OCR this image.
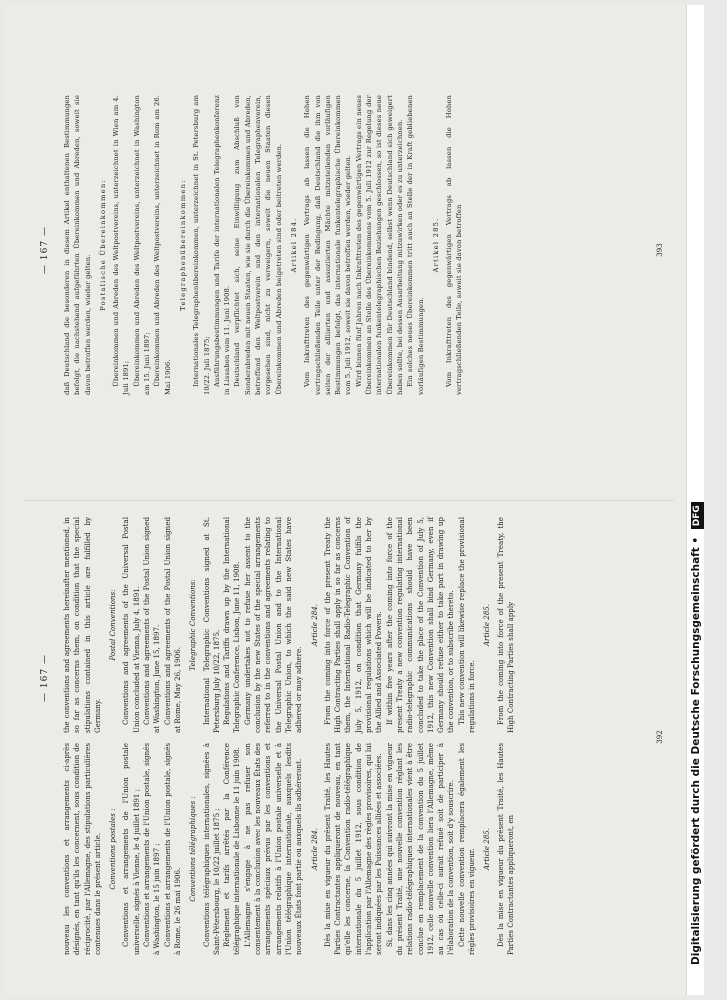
— 167 —
— 167 —

nouveau les conventions et arrangements ci-après désignés, en tant qu'ils les concernent, sous condition de réciprocité, par l'Allemagne, des stipulations particulières contenues dans le présent article. Conventions postales : Conventions et arrangements de l'Union postale universelle, signés à Vienne, le 4 juillet 1891 ; Conventions et arrangements de l'Union postale, signés à Washington, le 15 juin 1897 ; Conventions et arrangements de l'Union postale, signés à Rome, le 26 mai 1906.

Conventions télégraphiques : Conventions télégraphiques internationales, signées à Saint-Pétersbourg, le 10/22 juillet 1875 ; Règlement et tarifs arrêtés par la Conférence télégraphique internationale de Lisbonne le 11 juin 1908. L'Allemagne s'engage à ne pas refuser son consentement à la conclusion avec les nouveaux États des arrangements spéciaux prévus par les conventions et arrangements relatifs à l'Union postale universelle et à l'Union télégraphique internationale, auxquels lesdits nouveaux États font partie ou auxquels ils adhéreront. Article 284. Dès la mise en vigueur du présent Traité, les Hautes Parties Contractantes appliqueront de nouveau, en tant qu'elle les concerne, la Convention radio-télégraphique internationale du 5 juillet 1912, sous condition de l'application par l'Allemagne des règles provisoires, qui lui seront indiquées par les Puissances alliées et associées. Si, dans les cinq années qui suivront la mise en vigueur du présent Traité, une nouvelle convention réglant les relations radio-télégraphiques internationales vient à être conclue en remplacement de la convention du 5 juillet 1912, celle nouvelle convention liera l'Allemagne, même au cas où celle-ci aurait refusé soit de participer à l'élaboration de la convention, soit d'y souscrire. Cette nouvelle convention remplacera également les règles provisoires en vigueur. Article 285. Dès la mise en vigueur du présent Traité, les Hautes Parties Contractantes appliqueront, en

the conventions and agreements hereinafter mentioned, in so far as concerns them, on condition that the special stipulations contained in this article are fulfilled by Germany.

Postal Conventions: Conventions and agreements of the Universal Postal Union concluded at Vienna, July 4, 1891. Conventions and agreements of the Postal Union signed at Washington, June 15, 1897. Conventions and agreements of the Postal Union signed at Rome, May 26, 1906.

Telegraphic Conventions: International Telegraphic Conventions signed at St. Petersburg July 10/22, 1875. Regulations and Tariffs drawn up by the International Telegraphic Conference, Lisbon, June 11, 1908. Germany undertakes not to refuse her assent to the conclusion by the new States of the special arrangements referred to in the conventions and agreements relating to the Universal Postal Union and to the International Telegraphic Union, to which the said new States have adhered or may adhere.

Article 284. From the coming into force of the present Treaty the High Contracting Parties shall apply in so far as concerns them, the International Radio-Telegraphic Convention of July 5, 1912, on condition that Germany fulfils the provisional regulations which will be indicated to her by the Allied and Associated Powers. If within five years after the coming into force of the present Treaty a new convention regulating international radio-telegraphic communications should have been concluded to take the place of the Convention of July 5, 1912, this new Convention shall bind Germany, even if Germany should refuse either to take part in drawing up the convention, or to subscribe thereto. This new convention will likewise replace the provisional regulations in force.

Article 285. From the coming into force of the present Treaty, the High Contracting Parties shall apply

daß Deutschland die besonderen in diesem Artikel enthaltenen Bestimmungen befolgt, die nachstehend aufgeführten Übereinkommen und Abreden, soweit sie davon betroffen werden, wieder gelten.

Postalische Übereinkommen: Übereinkommen und Abreden des Weltpostvereins, unterzeichnet in Wien am 4. Juli 1891; Übereinkommen und Abreden des Weltpostvereins, unterzeichnet in Washington am 15. Juni 1897; Übereinkommen und Abreden des Weltpostvereins, unterzeichnet in Rom am 26. Mai 1906.

Telegraphenübereinkommen: Internationales Telegraphenübereinkommen, unterzeichnet in St. Petersburg am 10/22. Juli 1875; Ausführungsbestimmungen und Tarife der internationalen Telegraphenkonferenz in Lissabon vom 11. Juni 1908. Deutschland verpflichtet sich, seine Einwilligung zum Abschluß von Sonderabreden mit neuen Staaten, wie sie durch die Übereinkommen und Abreden, betreffend den Weltpostverein und den internationalen Telegraphenverein, vorgesehen sind, nicht zu verweigern, soweit die neuen Staaten diesen Übereinkommen und Abreden beigetreten sind oder beitreten werden. Artikel 284. Vom Inkrafttreten des gegenwärtigen Vertrags ab lassen die Hohen vertragschließenden Teile unter der Bedingung, daß Deutschland die ihm von seiten der alliierten und assoziierten Mächte mitzuteilenden vorläufigen Bestimmungen befolgt, das internationale funkentelegraphische Übereinkommen vom 5. Juli 1912, soweit sie davon betroffen werden, wieder gelten. Wird binnen fünf Jahren nach Inkrafttreten des gegenwärtigen Vertrags ein neues Übereinkommen an Stelle des Übereinkommens vom 5. Juli 1912 zur Regelung der internationalen funkentelegraphischen Beziehungen geschlossen, so ist dieses neue Übereinkommen für Deutschland bindend, selbst wenn Deutschland sich geweigert haben sollte, bei dessen Ausarbeitung mitzuwirken oder es zu unterzeichnen. Ein solches neues Übereinkommen tritt auch an Stelle der in Kraft gebliebenen vorläufigen Bestimmungen.

Artikel 285. Vom Inkrafttreten des gegenwärtigen Vertrags ab lassen die Hohen vertragschließenden Teile, soweit sie davon betroffen

392
393
Digitalisierung gefördert durch die Deutsche Forschungsgemeinschaft • DFG
